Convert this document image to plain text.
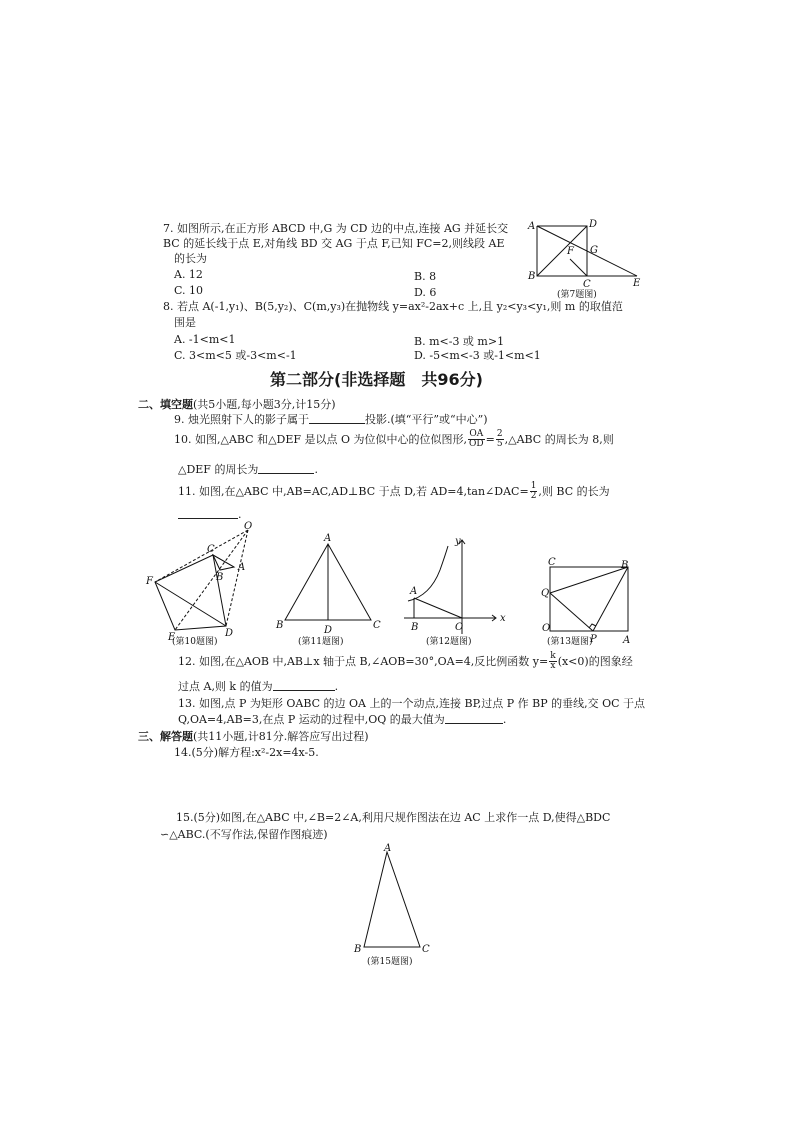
7. 如图所示,在正方形 ABCD 中,G 为 CD 边的中点,连接 AG 并延长交
BC 的延长线于点 E,对角线 BD 交 AG 于点 F,已知 FC=2,则线段 AE
的长为
A. 12	B. 8
C. 10	D. 6
A	D
F G
B
C	E
(第7题图)
8. 若点 A(-1,y₁)、B(5,y₂)、C(m,y₃)在抛物线 y=ax²-2ax+c 上,且 y₂<y₃<y₁,则 m 的取值范
围是
A. -1<m<1	B. m<-3 或 m>1
C. 3<m<5 或-3<m<-1	D. -5<m<-3 或-1<m<1
第二部分(非选择题　共96分)
二、填空题(共5小题,每小题3分,计15分)
9. 烛光照射下人的影子属于	投影.(填“平行”或“中心”)
10. 如图,△ABC 和△DEF 是以点 O 为位似中心的位似图形, $\frac{OA}{OD} = \frac{2}{5}$ ,△ABC 的周长为 8,则
△DEF 的周长为	.
11. 如图,在△ABC 中,AB=AC,AD⊥BC 于点 D,若 AD=4,tan∠DAC= $\frac{1}{2}$ ,则 BC 的长为
.
O
C
A
B
F
E	D
(第10题图)
A
B	D	C
(第11题图)
y
A
B	O
x
(第12题图)
C	B
Q
O
P	A
(第13题图)
12. 如图,在△AOB 中,AB⊥x 轴于点 B,∠AOB=30°,OA=4,反比例函数 $y= \frac{k}{x} (x<0)$的图象经
过点 A,则 k 的值为	.
13. 如图,点 P 为矩形 OABC 的边 OA 上的一个动点,连接 BP,过点 P 作 BP 的垂线,交 OC 于点
Q,OA=4,AB=3,在点 P 运动的过程中,OQ 的最大值为	.
三、解答题(共11小题,计81分.解答应写出过程)
14.(5分)解方程:x²-2x=4x-5.
15.(5分)如图,在△ABC 中,∠B=2∠A,利用尺规作图法在边 AC 上求作一点 D,使得△BDC
∽△ABC.(不写作法,保留作图痕迹)
A
B	C
(第15题图)
